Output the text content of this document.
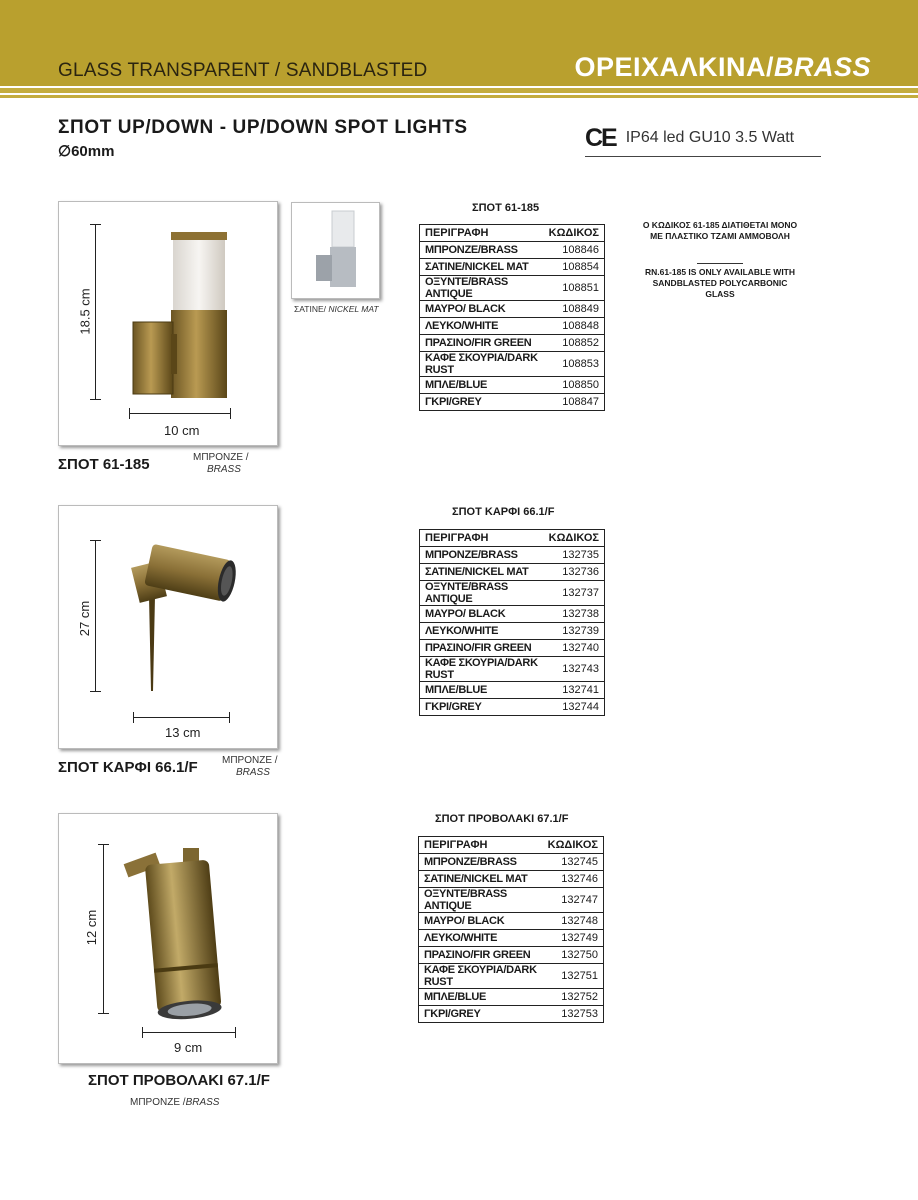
GLASS TRANSPARENT / SANDBLASTED	ΟΡΕΙΧΑΛΚΙΝΑ/BRASS
ΣΠΟΤ UP/DOWN - UP/DOWN SPOT LIGHTS
∅60mm	CE IP64 led GU10 3.5 Watt
18.5 cm
10 cm
ΣΑΤΙΝΕ/ NICKEL MAT
ΣΠΟΤ 61-185	ΜΠΡΟΝΖΕ /
BRASS
ΣΠΟΤ 61-185
ΠΕΡΙΓΡΑΦΗ	ΚΩΔΙΚΟΣ
ΜΠΡΟΝΖΕ/BRASS	108846
ΣΑΤΙΝΕ/NICKEL MAT	108854
ΟΞΥΝΤΕ/BRASS ANTIQUE	108851
ΜΑΥΡΟ/ BLACK	108849
ΛΕΥΚΟ/WHITE	108848
ΠΡΑΣΙΝΟ/FIR GREEN	108852
ΚΑΦΕ ΣΚΟΥΡΙΑ/DARK RUST	108853
ΜΠΛΕ/BLUE	108850
ΓΚΡΙ/GREY	108847
Ο ΚΩΔΙΚΟΣ 61-185 ΔΙΑΤΙΘΕΤΑΙ ΜΟΝΟ ΜΕ ΠΛΑΣΤΙΚΟ ΤΖΑΜΙ ΑΜΜΟΒΟΛΗ
RN.61-185 IS ONLY AVAILABLE WITH SANDBLASTED POLYCARBONIC GLASS
27 cm
13 cm
ΣΠΟΤ ΚΑΡΦΙ 66.1/F ΜΠΡΟΝΖΕ /
BRASS
ΣΠΟΤ ΚΑΡΦΙ 66.1/F
ΠΕΡΙΓΡΑΦΗ	ΚΩΔΙΚΟΣ
ΜΠΡΟΝΖΕ/BRASS	132735
ΣΑΤΙΝΕ/NICKEL MAT	132736
ΟΞΥΝΤΕ/BRASS ANTIQUE	132737
ΜΑΥΡΟ/ BLACK	132738
ΛΕΥΚΟ/WHITE	132739
ΠΡΑΣΙΝΟ/FIR GREEN	132740
ΚΑΦΕ ΣΚΟΥΡΙΑ/DARK RUST	132743
ΜΠΛΕ/BLUE	132741
ΓΚΡΙ/GREY	132744
12 cm
9 cm
ΣΠΟΤ ΠΡΟΒΟΛΑΚΙ 67.1/F
ΜΠΡΟΝΖΕ /BRASS
ΣΠΟΤ ΠΡΟΒΟΛΑΚΙ 67.1/F
ΠΕΡΙΓΡΑΦΗ	ΚΩΔΙΚΟΣ
ΜΠΡΟΝΖΕ/BRASS	132745
ΣΑΤΙΝΕ/NICKEL MAT	132746
ΟΞΥΝΤΕ/BRASS ANTIQUE	132747
ΜΑΥΡΟ/ BLACK	132748
ΛΕΥΚΟ/WHITE	132749
ΠΡΑΣΙΝΟ/FIR GREEN	132750
ΚΑΦΕ ΣΚΟΥΡΙΑ/DARK RUST	132751
ΜΠΛΕ/BLUE	132752
ΓΚΡΙ/GREY	132753
